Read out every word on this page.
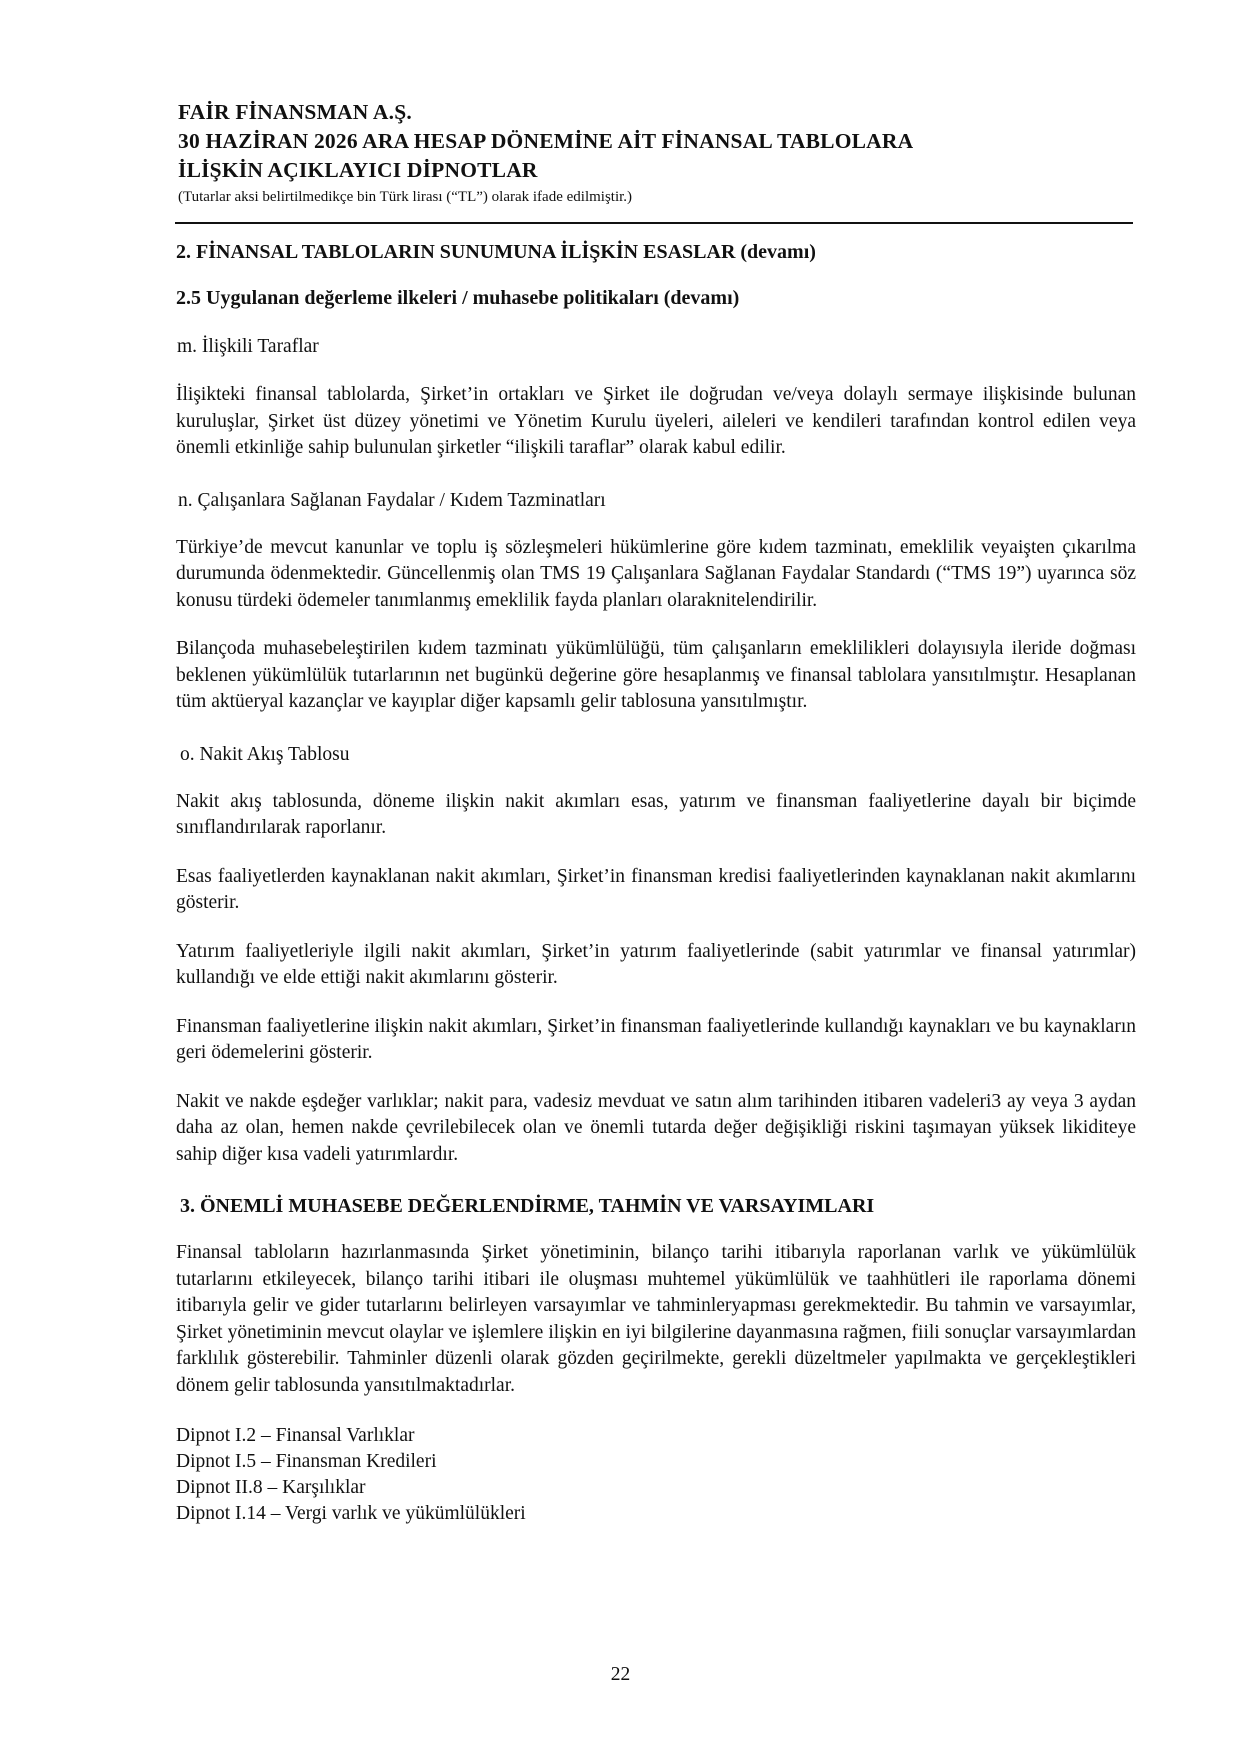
FAİR FİNANSMAN A.Ş.
30 HAZİRAN 2026 ARA HESAP DÖNEMİNE AİT FİNANSAL TABLOLARA
İLİŞKİN AÇIKLAYICI DİPNOTLAR
(Tutarlar aksi belirtilmedikçe bin Türk lirası (“TL”) olarak ifade edilmiştir.)
2. FİNANSAL TABLOLARIN SUNUMUNA İLİŞKİN ESASLAR (devamı)
2.5 Uygulanan değerleme ilkeleri / muhasebe politikaları (devamı)
m. İlişkili Taraflar

İlişikteki finansal tablolarda, Şirket’in ortakları ve Şirket ile doğrudan ve/veya dolaylı sermaye ilişkisinde bulunan kuruluşlar, Şirket üst düzey yönetimi ve Yönetim Kurulu üyeleri, aileleri ve kendileri tarafından kontrol edilen veya önemli etkinliğe sahip bulunulan şirketler “ilişkili taraflar” olarak kabul edilir.

n. Çalışanlara Sağlanan Faydalar / Kıdem Tazminatları

Türkiye’de mevcut kanunlar ve toplu iş sözleşmeleri hükümlerine göre kıdem tazminatı, emeklilik veyaişten çıkarılma durumunda ödenmektedir. Güncellenmiş olan TMS 19 Çalışanlara Sağlanan Faydalar Standardı (“TMS 19”) uyarınca söz konusu türdeki ödemeler tanımlanmış emeklilik fayda planları olaraknitelendirilir.

Bilançoda muhasebeleştirilen kıdem tazminatı yükümlülüğü, tüm çalışanların emeklilikleri dolayısıyla ileride doğması beklenen yükümlülük tutarlarının net bugünkü değerine göre hesaplanmış ve finansal tablolara yansıtılmıştır. Hesaplanan tüm aktüeryal kazançlar ve kayıplar diğer kapsamlı gelir tablosuna yansıtılmıştır.

o. Nakit Akış Tablosu

Nakit akış tablosunda, döneme ilişkin nakit akımları esas, yatırım ve finansman faaliyetlerine dayalı bir biçimde sınıflandırılarak raporlanır.

Esas faaliyetlerden kaynaklanan nakit akımları, Şirket’in finansman kredisi faaliyetlerinden kaynaklanan nakit akımlarını gösterir.

Yatırım faaliyetleriyle ilgili nakit akımları, Şirket’in yatırım faaliyetlerinde (sabit yatırımlar ve finansal yatırımlar) kullandığı ve elde ettiği nakit akımlarını gösterir.

Finansman faaliyetlerine ilişkin nakit akımları, Şirket’in finansman faaliyetlerinde kullandığı kaynakları ve bu kaynakların geri ödemelerini gösterir.

Nakit ve nakde eşdeğer varlıklar; nakit para, vadesiz mevduat ve satın alım tarihinden itibaren vadeleri3 ay veya 3 aydan daha az olan, hemen nakde çevrilebilecek olan ve önemli tutarda değer değişikliği riskini taşımayan yüksek likiditeye sahip diğer kısa vadeli yatırımlardır.

3. ÖNEMLİ MUHASEBE DEĞERLENDİRME, TAHMİN VE VARSAYIMLARI

Finansal tabloların hazırlanmasında Şirket yönetiminin, bilanço tarihi itibarıyla raporlanan varlık ve yükümlülük tutarlarını etkileyecek, bilanço tarihi itibari ile oluşması muhtemel yükümlülük ve taahhütleri ile raporlama dönemi itibarıyla gelir ve gider tutarlarını belirleyen varsayımlar ve tahminleryapması gerekmektedir. Bu tahmin ve varsayımlar, Şirket yönetiminin mevcut olaylar ve işlemlere ilişkin en iyi bilgilerine dayanmasına rağmen, fiili sonuçlar varsayımlardan farklılık gösterebilir. Tahminler düzenli olarak gözden geçirilmekte, gerekli düzeltmeler yapılmakta ve gerçekleştikleri dönem gelir tablosunda yansıtılmaktadırlar.

Dipnot I.2 – Finansal Varlıklar
Dipnot I.5 – Finansman Kredileri
Dipnot II.8 – Karşılıklar
Dipnot I.14 – Vergi varlık ve yükümlülükleri
22
